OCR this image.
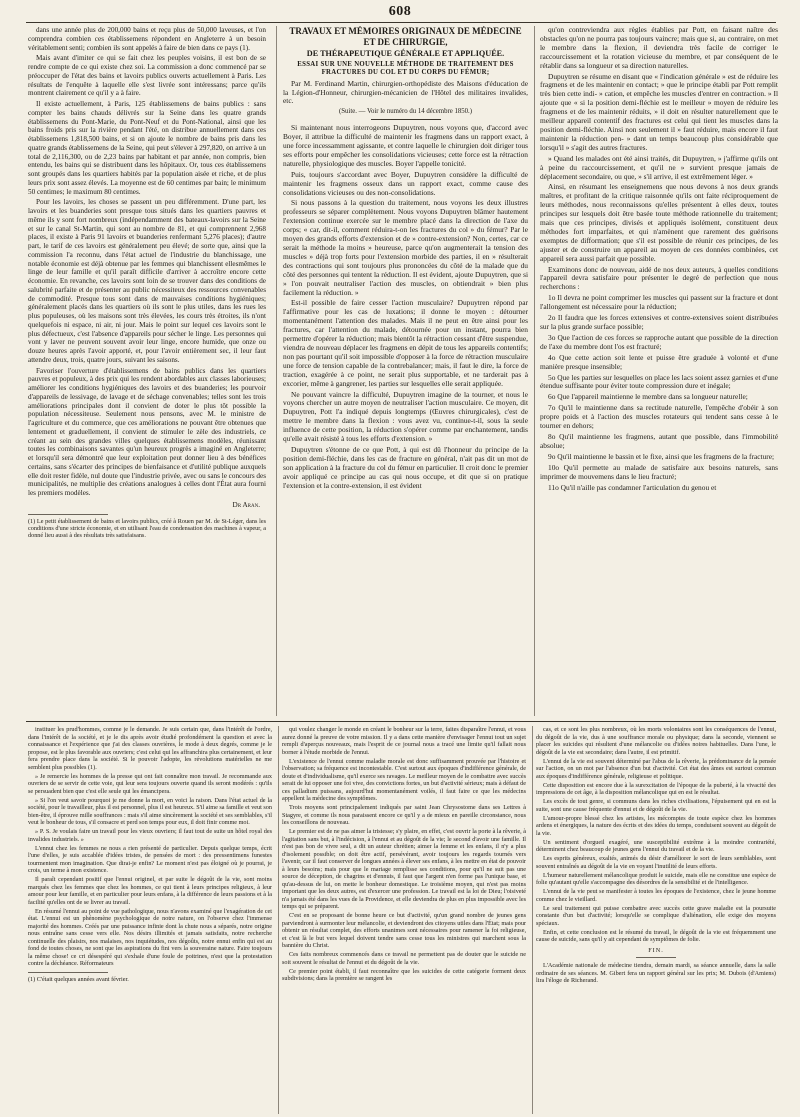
608

dans une année plus de 200,000 bains et reçu plus de 50,000 laveuses, et l'on comprendra combien ces établissemens répondent en Angleterre à un besoin véritablement senti; combien ils sont appelés à faire de bien dans ce pays (1).

Mais avant d'imiter ce qui se fait chez les peuples voisins, il est bon de se rendre compte de ce qui existe chez soi. La commission a donc commencé par se préoccuper de l'état des bains et lavoirs publics ouverts actuellement à Paris. Les résultats de l'enquête à laquelle elle s'est livrée sont intéressans; parce qu'ils montrent clairement ce qu'il y a à faire.

Il existe actuellement, à Paris, 125 établissemens de bains publics : sans compter les bains chauds délivrés sur la Seine dans les quatre grands établissemens du Pont-Marie, du Pont-Neuf et du Pont-National, ainsi que les bains froids pris sur la rivière pendant l'été, on distribue annuellement dans ces établissemens 1,818,500 bains, et si on ajoute le nombre de bains pris dans les quatre grands établissemens de la Seine, qui peut s'élever à 297,820, on arrive à un total de 2,116,300, ou de 2,23 bains par habitant et par année, non compris, bien entendu, les bains qui se distribuent dans les hôpitaux. Or, tous ces établissemens sont groupés dans les quartiers habités par la population aisée et riche, et de plus leurs prix sont assez élevés. La moyenne est de 60 centimes par bain; le minimum 50 centimes; le maximum 80 centimes.

Pour les lavoirs, les choses se passent un peu différemment. D'une part, les lavoirs et les buanderies sont presque tous situés dans les quartiers pauvres et même ils y sont fort nombreux (indépendamment des bateaux-lavoirs sur la Seine et sur le canal St-Martin, qui sont au nombre de 81, et qui comprennent 2,968 places, il existe à Paris 91 lavoirs et buanderies renfermant 5,276 places); d'autre part, le tarif de ces lavoirs est généralement peu élevé; de sorte que, ainsi que la commission l'a reconnu, dans l'état actuel de l'industrie du blanchissage, une notable économie est déjà obtenue par les femmes qui blanchissent ellesmêmes le linge de leur famille et qu'il paraît difficile d'arriver à accroître encore cette économie. En revanche, ces lavoirs sont loin de se trouver dans des conditions de salubrité parfaite et de présenter au public nécessiteux des ressources convenables de commodité. Presque tous sont dans de mauvaises conditions hygiéniques; généralement placés dans les quartiers où ils sont le plus utiles, dans les rues les plus populeuses, où les maisons sont très élevées, les cours très étroites, ils n'ont quelquefois ni espace, ni air, ni jour. Mais le point sur lequel ces lavoirs sont le plus défectueux, c'est l'absence d'appareils pour sécher le linge. Les personnes qui vont y laver ne peuvent souvent avoir leur linge, encore humide, que onze ou douze heures après l'avoir apporté, et, pour l'avoir entièrement sec, il leur faut attendre deux, trois, quatre jours, suivant les saisons.

Favoriser l'ouverture d'établissemens de bains publics dans les quartiers pauvres et populeux, à des prix qui les rendent abordables aux classes laborieuses; améliorer les conditions hygiéniques des lavoirs et des buanderies; les pourvoir d'appareils de lessivage, de lavage et de séchage convenables; telles sont les trois améliorations principales dont il convient de doter le plus tôt possible la population nécessiteuse. Seulement nous pensons, avec M. le ministre de l'agriculture et du commerce, que ces améliorations ne pouvant être obtenues que lentement et graduellement, il convient de stimuler le zèle des industriels, ce créant au sein des grandes villes quelques établissemens modèles, réunissant toutes les combinaisons savantes qu'un heureux progrès a imaginé en Angleterre; et lorsqu'il sera démontré que leur exploitation peut donner lieu à des bénéfices certains, sans s'écarter des principes de bienfaisance et d'utilité publique auxquels elle doit rester fidèle, nul doute que l'industrie privée, avec ou sans le concours des municipalités, ne multiplie des créations analogues à celles dont l'État aura fourni les premiers modèles.

Dr Aran.

(1) Le petit établissement de bains et lavoirs publics, créé à Rouen par M. de St-Léger, dans les conditions d'une stricte économie, et en utilisant l'eau de condensation des machines à vapeur, a donné lieu aussi à des résultats très satisfaisans.

TRAVAUX ET MÉMOIRES ORIGINAUX DE MÉDECINE ET DE CHIRURGIE,

DE THÉRAPEUTIQUE GÉNÉRALE ET APPLIQUÉE.

ESSAI SUR UNE NOUVELLE MÉTHODE DE TRAITEMENT DES FRACTURES DU COL ET DU CORPS DU FÉMUR;

Par M. Ferdinand Martin, chirurgien-orthopédiste des Maisons d'éducation de la Légion-d'Honneur, chirurgien-mécanicien de l'Hôtel des militaires invalides, etc.

(Suite. — Voir le numéro du 14 décembre 1850.)

Si maintenant nous interrogeons Dupuytren, nous voyons que, d'accord avec Boyer, il attribue la difficulté de maintenir les fragmens dans un rapport exact, à une force incessamment agissante, et contre laquelle le chirurgien doit diriger tous ses efforts pour empêcher les consolidations vicieuses; cette force est la rétraction naturelle, physiologique des muscles. Boyer l'appelle tonicité.

Puis, toujours s'accordant avec Boyer, Dupuytren considère la difficulté de maintenir les fragmens osseux dans un rapport exact, comme cause des consolidations vicieuses ou des non-consolidations.

Si nous passons à la question du traitement, nous voyons les deux illustres professeurs se séparer complètement. Nous voyons Dupuytren blâmer hautement l'extension continue exercée sur le membre placé dans la direction de l'axe du corps; « car, dit-il, comment réduira-t-on les fractures du col » du fémur? Par le moyen des grands efforts d'extension et de » contre-extension? Non, certes, car ce serait la méthode la moins » heureuse, parce qu'on augmenterait la tension des muscles » déjà trop forts pour l'extension morbide des parties, il en » résulterait des contractions qui sont toujours plus prononcées du côté de la malade que du côté des personnes qui tentent la réduction. Il est évident, ajoute Dupuytren, que si » l'on pouvait neutraliser l'action des muscles, on obtiendrait » bien plus facilement la réduction. »

Est-il possible de faire cesser l'action musculaire? Dupuytren répond par l'affirmative pour les cas de luxations; il donne le moyen : détourner momentanément l'attention des malades. Mais il ne peut en être ainsi pour les fractures, car l'attention du malade, détournée pour un instant, pourra bien permettre d'opérer la réduction; mais bientôt la rétraction cessant d'être suspendue, viendra de nouveau déplacer les fragmens en dépit de tous les appareils contentifs; non pas pourtant qu'il soit impossible d'opposer à la force de rétraction musculaire une force de tension capable de la contrebalancer; mais, il faut le dire, la force de traction, exagérée à ce point, ne serait plus supportable, et ne tarderait pas à excorier, même à gangrener, les parties sur lesquelles elle serait appliquée.

Ne pouvant vaincre la difficulté, Dupuytren imagine de la tourner, et nous le voyons chercher un autre moyen de neutraliser l'action musculaire. Ce moyen, dit Dupuytren, Pott l'a indiqué depuis longtemps (Œuvres chirurgicales), c'est de mettre le membre dans la flexion : vous avez vu, continue-t-il, sous la seule influence de cette position, la réduction s'opérer comme par enchantement, tandis qu'elle avait résisté à tous les efforts d'extension. »

Dupuytren s'étonne de ce que Pott, à qui est dû l'honneur du principe de la position demi-fléchie, dans les cas de fracture en général, n'ait pas dit un mot de son application à la fracture du col du fémur en particulier. Il croit donc le premier avoir appliqué ce principe au cas qui nous occupe, et dit que si on pratique l'extension et la contre-extension, il est évident

qu'on contreviendra aux règles établies par Pott, en faisant naître des obstacles qu'on ne pourra pas toujours vaincre; mais que si, au contraire, on met le membre dans la flexion, il deviendra très facile de corriger le raccourcissement et la rotation vicieuse du membre, et par conséquent de le rétablir dans sa longueur et sa direction naturelles.

Dupuytren se résume en disant que « l'indication générale » est de réduire les fragmens et de les maintenir en contact; » que le principe établi par Pott remplit très bien cette indi- » cation, et empêche les muscles d'entrer en contraction. » Il ajoute que « si la position demi-fléchie est le meilleur » moyen de réduire les fragmens et de les maintenir réduits, » il doit en résulter naturellement que le meilleur appareil contentif des fractures est celui qui tient les muscles dans la position demi-fléchie. Ainsi non seulement il » faut réduire, mais encore il faut maintenir la réduction pen- » dant un temps beaucoup plus considérable que lorsqu'il » s'agit des autres fractures.

» Quand les malades ont été ainsi traités, dit Dupuytren, » j'affirme qu'ils ont à peine du raccourcissement, et qu'il ne » survient presque jamais de déplacement secondaire, ou que, » s'il arrive, il est extrêmement léger. »

Ainsi, en résumant les enseignemens que nous devons à nos deux grands maîtres, et profitant de la critique raisonnée qu'ils ont faite réciproquement de leurs méthodes, nous reconnaissons qu'elles présentent à elles deux, toutes principes sur lesquels doit être basée toute méthode rationnelle du traitement; mais que ces principes, divisés et appliqués isolément, constituent deux méthodes fort imparfaites, et qui n'amènent que rarement des guérisons exemptes de difformation; que s'il est possible de réunir ces principes, de les ajuster et de construire un appareil au moyen de ces données combinées, cet appareil sera aussi parfait que possible.

Examinons donc de nouveau, aidé de nos deux auteurs, à quelles conditions l'appareil devra satisfaire pour présenter le degré de perfection que nous recherchons :

1o Il devra ne point comprimer les muscles qui passent sur la fracture et dont l'allongement est nécessaire pour la réduction;

2o Il faudra que les forces extensives et contre-extensives soient distribuées sur la plus grande surface possible;

3o Que l'action de ces forces se rapproche autant que possible de la direction de l'axe du membre dont l'os est fracturé;

4o Que cette action soit lente et puisse être graduée à volonté et d'une manière presque insensible;

5o Que les parties sur lesquelles on place les lacs soient assez garnies et d'une étendue suffisante pour éviter toute compression dure et inégale;

6o Que l'appareil maintienne le membre dans sa longueur naturelle;

7o Qu'il le maintienne dans sa rectitude naturelle, l'empêche d'obéir à son propre poids et à l'action des muscles rotateurs qui tendent sans cesse à le tourner en dehors;

8o Qu'il maintienne les fragmens, autant que possible, dans l'immobilité absolue;

9o Qu'il maintienne le bassin et le fixe, ainsi que les fragmens de la fracture;

10o Qu'il permette au malade de satisfaire aux besoins naturels, sans imprimer de mouvemens dans le lieu fracturé;

11o Qu'il n'aille pas condamner l'articulation du genou et

instituer les prud'hommes, comme je le demande. Je suis certain que, dans l'intérêt de l'ordre, dans l'intérêt de la société, et je le dis après avoir étudié profondément la question et avec la connaissance et l'expérience que j'ai des classes ouvrières, le mode à deux degrés, comme je le propose, est le plus favorable aux ouvriers; c'est celui qui les affranchira plus certainement, et leur fera prendre place dans la société. Si le pouvoir l'adopte, les révolutions matérielles ne me semblent plus possibles (1).

» Je remercie les hommes de la presse qui ont fait connaître mon travail. Je recommande aux ouvriers de se servir de cette voie, qui leur sera toujours ouverte quand ils seront modérés : qu'ils se persuadent bien que c'est elle seule qui les émancipera.

» Si l'on veut savoir pourquoi je me donne la mort, en voici la raison. Dans l'état actuel de la société, pour le travailleur, plus il est personnel, plus il est heureux. S'il aime sa famille et veut son bien-être, il éprouve mille souffrances : mais s'il aime sincèrement la société et ses semblables, s'il veut le bonheur de tous, s'il consacre et perd son temps pour eux, il doit finir comme moi.

» P. S. Je voulais faire un travail pour les vieux ouvriers; il faut tout de suite un hôtel royal des invalides industriels. »

L'ennui chez les femmes ne nous a rien présenté de particulier. Depuis quelque temps, écrit l'une d'elles, je suis accablée d'idées tristes, de pensées de mort : des pressentimens funestes tourmentent mon imagination. Que dirai-je enfin? Le moment n'est pas éloigné où je pourrai, je crois, un terme à mon existence.

Il paraît cependant positif que l'ennui originel, et par suite le dégoût de la vie, sont moins marqués chez les femmes que chez les hommes, ce qui tient à leurs principes religieux, à leur amour pour leur famille, et en particulier pour leurs enfans, à la différence de leurs passions et à la facilité qu'elles ont de se livrer au travail.

En résumé l'ennui au point de vue pathologique, nous n'avons examiné que l'exagération de cet état. L'ennui est un phénomène psychologique de notre nature, on l'observe chez l'immense majorité des hommes. Créés par une puissance infinie dont la chute nous a séparés, notre origine nous entraîne sans cesse vers elle. Nos désirs illimités et jamais satisfaits, notre recherche continuelle des plaisirs, nos malaises, nos inquiétudes, nos dégoûts, notre ennui enfin qui est au fond de toutes choses, ne sont que les aspirations du fini vers la souveraine nature. Faire toujours la même chose! ce cri désespéré qui s'exhale d'une foule de poitrines, n'est que la protestation contre la déchéance. Réformateurs

(1) C'était quelques années avant février.

qui voulez changer le monde en créant le bonheur sur la terre, faites disparaître l'ennui, et vous aurez donné la preuve de votre mission. Il y a dans cette manière d'envisager l'ennui tout un sujet rempli d'aperçus nouveaux, mais l'esprit de ce journal nous a tracé une limite qu'il fallait nous borner à l'étude morbide de l'ennui.

L'existence de l'ennui comme maladie morale est donc suffisamment prouvée par l'histoire et l'observation; sa fréquence est incontestable. C'est surtout aux époques d'indifférence générale, de doute et d'individualisme, qu'il exerce ses ravages. Le meilleur moyen de le combattre avec succès serait de lui opposer une foi vive, des convictions fortes, un but d'activité sérieux; mais à défaut de ces palladium puissans, aujourd'hui momentanément voilés, il faut faire ce que les médecins appellent la médecine des symptômes.

Trois moyens sont principalement indiqués par saint Jean Chrysostome dans ses Lettres à Stagyre, et comme ils nous paraissent encore ce qu'il y a de mieux en pareille circonstance, nous les conseillons de nouveau.

Le premier est de ne pas aimer la tristesse; s'y plaire, en effet, c'est ouvrir la porte à la rêverie, à l'agitation sans but, à l'indécision, à l'ennui et au dégoût de la vie; le second d'avoir une famille. Il n'est pas bon de vivre seul, a dit un auteur chrétien; aimer la femme et les enfans, il n'y a plus d'isolement possible; on doit être actif, persévérant, avoir toujours les regards tournés vers l'avenir, car il faut conserver de longues années à élever ses enfans, à les mettre en état de pouvoir à leurs besoins; mais pour que le mariage remplisse ses conditions, pour qu'il ne suit pas une source de déception, de chagrins et d'ennuis, il faut que l'argent n'en forme pas l'unique base, et qu'au-dessus de lui, on mette le bonheur domestique. Le troisième moyen, qui n'est pas moins important que les deux autres, est d'exercer une profession. Le travail est la loi de Dieu; l'oisiveté n'a jamais été dans les vues de la Providence, et elle deviendra de plus en plus impossible avec les temps qui se préparent.

C'est en se proposant de bonne heure ce but d'activité, qu'un grand nombre de jeunes gens parviendront à surmonter leur mélancolie, et deviendront des citoyens utiles dans l'État; mais pour obtenir un résultat complet, des efforts unanimes sont nécessaires pour ramener la foi religieuse, et c'est là le but vers lequel doivent tendre sans cesse tous les ministres qui marchent sous la bannière du Christ.

Ces faits nombreux commencés dans ce travail ne permettent pas de douter que le suicide ne soit souvent le résultat de l'ennui et du dégoût de la vie.

Ce premier point établi, il faut reconnaître que les suicides de cette catégorie forment deux subdivisions; dans la première se rangent les

cas, et ce sont les plus nombreux, où les morts volontaires sont les conséquences de l'ennui, du dégoût de la vie, dus à une souffrance morale ou physique; dans la seconde, viennent se placer les suicides qui résultent d'une mélancolie ou d'idées noires habituelles. Dans l'une, le dégoût de la vie est secondaire; dans l'autre, il est primitif.

L'ennui de la vie est souvent déterminé par l'abus de la rêverie, la prédominance de la pensée sur l'action, on un mot par l'absence d'un but d'activité. Cet état des âmes est surtout commun aux époques d'indifférence générale, religieuse et politique.

Cette disposition est encore due à la surexcitation de l'époque de la puberté, à la vivacité des impressions de cet âge, à la disposition mélancolique qui en est le résultat.

Les excès de tout genre, si communs dans les riches civilisations, l'épuisement qui en est la suite, sont une cause fréquente d'ennui et de dégoût de la vie.

L'amour-propre blessé chez les artistes, les mécomptes de toute espèce chez les hommes ardens et énergiques, la nature des écrits et des idées du temps, conduisent souvent au dégoût de la vie.

Un sentiment d'orgueil exagéré, une susceptibilité extrême à la moindre contrariété, déterminent chez beaucoup de jeunes gens l'ennui du travail et de la vie.

Les esprits généreux, exaltés, animés du désir d'améliorer le sort de leurs semblables, sont souvent entraînés au dégoût de la vie en voyant l'inutilité de leurs efforts.

L'humeur naturellement mélancolique produit le suicide, mais elle ne constitue une espèce de folie qu'autant qu'elle s'accompagne des désordres de la sensibilité et de l'intelligence.

L'ennui de la vie peut se manifester à toutes les époques de l'existence, chez le jeune homme comme chez le vieillard.

Le seul traitement qui puisse combattre avec succès cette grave maladie est la poursuite constante d'un but d'activité; lorsqu'elle se complique d'aliénation, elle exige des moyens spéciaux.

Enfin, et cette conclusion est le résumé du travail, le dégoût de la vie est fréquemment une cause de suicide, sans qu'il y ait cependant de symptômes de folie.

FIN.

L'Académie nationale de médecine tiendra, demain mardi, sa séance annuelle, dans la salle ordinaire de ses séances. M. Gibert fera un rapport général sur les prix; M. Dubois (d'Amiens) lira l'éloge de Richerand.
